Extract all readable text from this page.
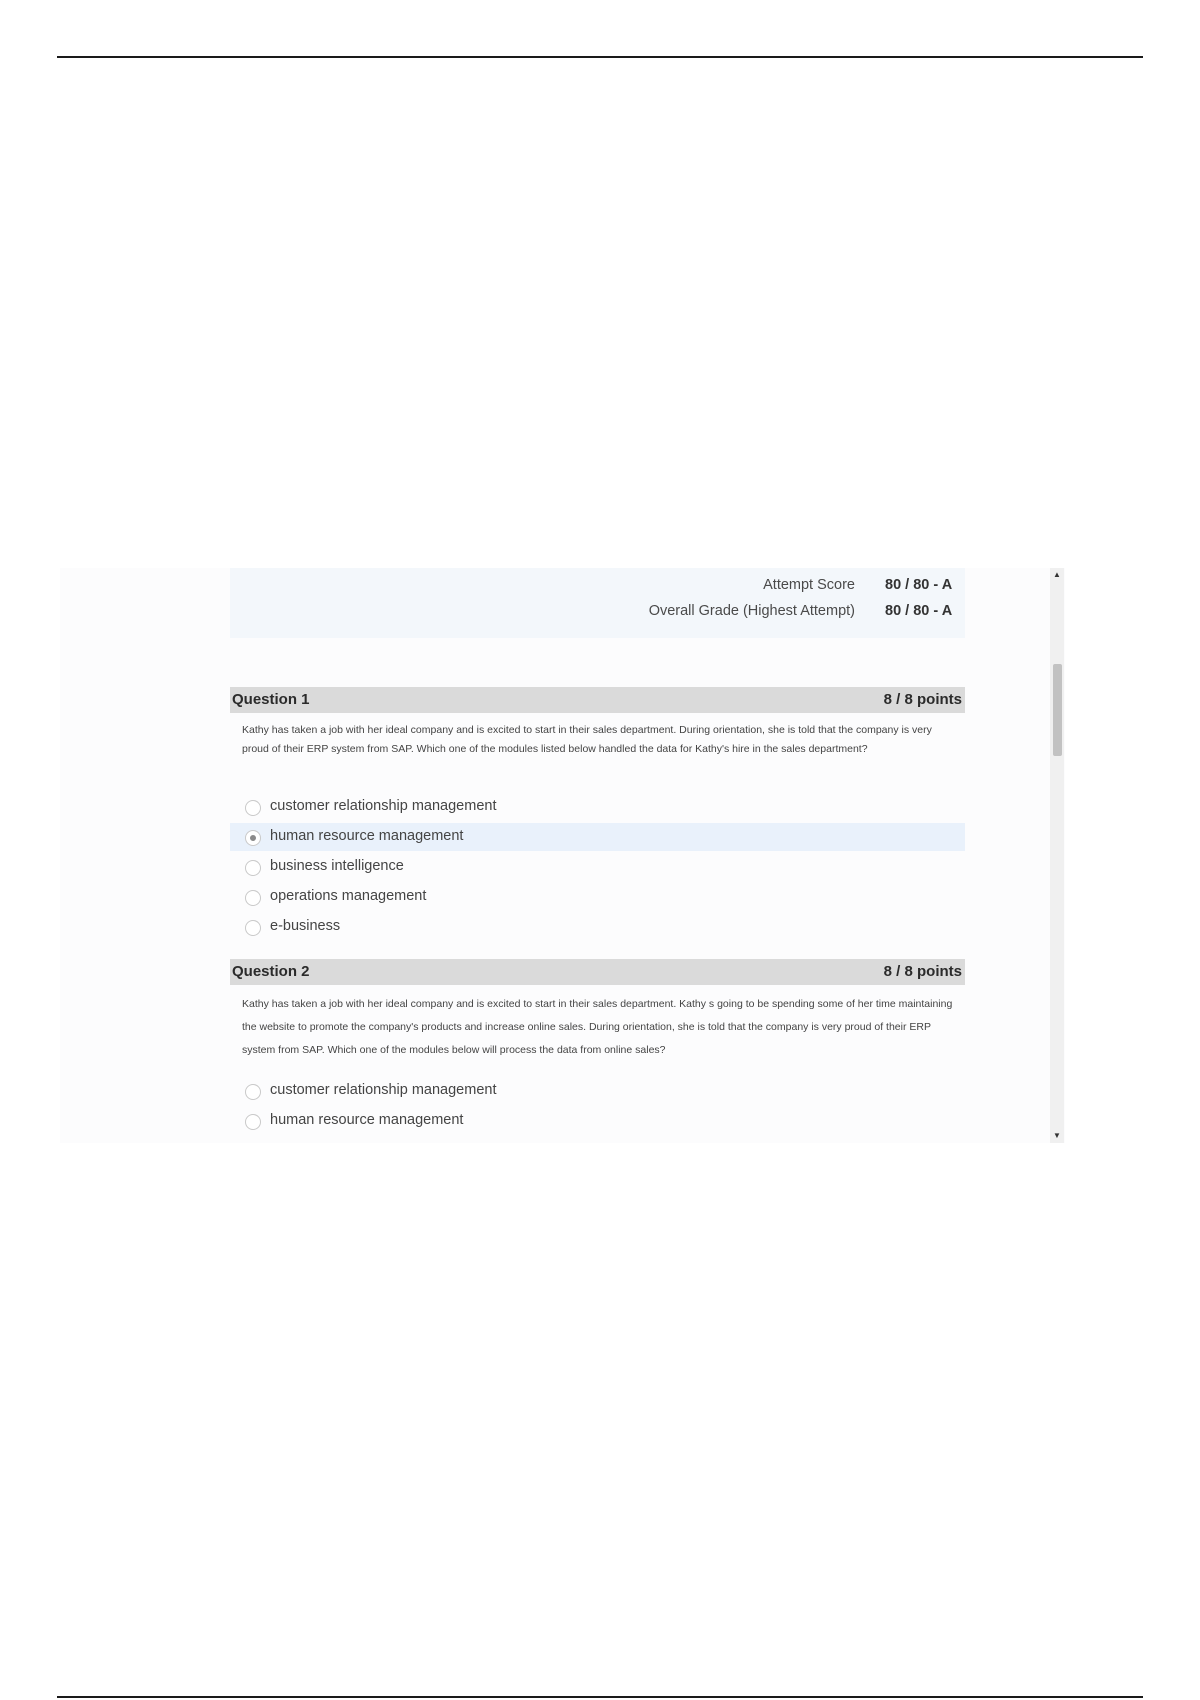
Attempt Score 80 / 80 - A
Overall Grade (Highest Attempt) 80 / 80 - A
Question 1	8 / 8 points
Kathy has taken a job with her ideal company and is excited to start in their sales department. During orientation, she is told that the company is very proud of their ERP system from SAP. Which one of the modules listed below handled the data for Kathy's hire in the sales department?
customer relationship management
human resource management
business intelligence
operations management
e-business
Question 2	8 / 8 points
Kathy has taken a job with her ideal company and is excited to start in their sales department. Kathy s going to be spending some of her time maintaining the website to promote the company's products and increase online sales. During orientation, she is told that the company is very proud of their ERP system from SAP. Which one of the modules below will process the data from online sales?
customer relationship management
human resource management
▲
▼
